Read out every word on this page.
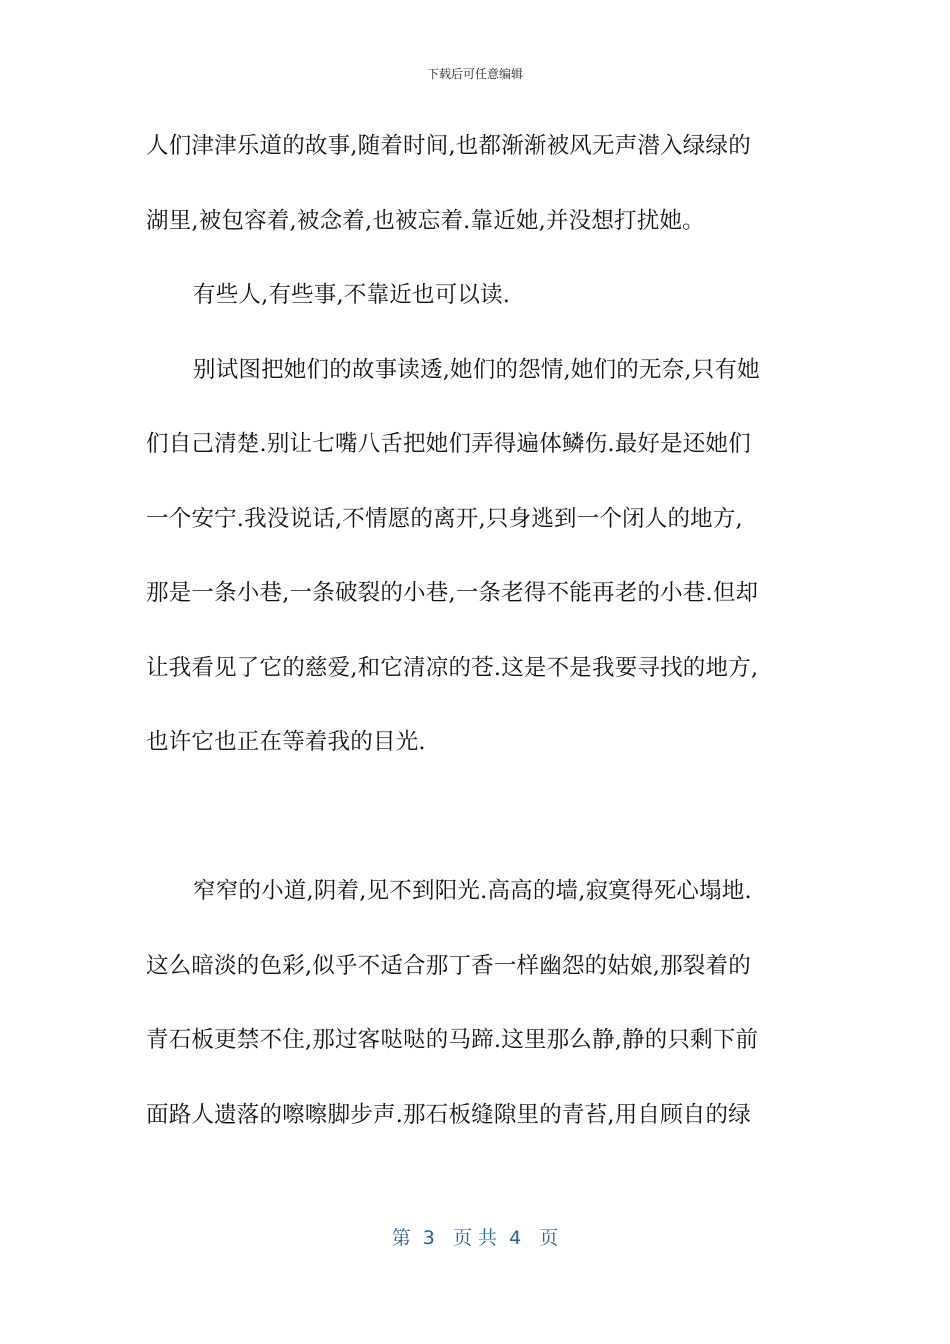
下载后可任意编辑
人们津津乐道的故事,随着时间,也都渐渐被风无声潜入绿绿的
湖里,被包容着,被念着,也被忘着.靠近她,并没想打扰她。
有些人,有些事,不靠近也可以读.
别试图把她们的故事读透,她们的怨情,她们的无奈,只有她
们自己清楚.别让七嘴八舌把她们弄得遍体鳞伤.最好是还她们
一个安宁.我没说话,不情愿的离开,只身逃到一个闭人的地方,
那是一条小巷,一条破裂的小巷,一条老得不能再老的小巷.但却
让我看见了它的慈爱,和它清凉的苍.这是不是我要寻找的地方,
也许它也正在等着我的目光.
窄窄的小道,阴着,见不到阳光.高高的墙,寂寞得死心塌地.
这么暗淡的色彩,似乎不适合那丁香一样幽怨的姑娘,那裂着的
青石板更禁不住,那过客哒哒的马蹄.这里那么静,静的只剩下前
面路人遗落的嚓嚓脚步声.那石板缝隙里的青苔,用自顾自的绿
第  3   页 共  4   页
